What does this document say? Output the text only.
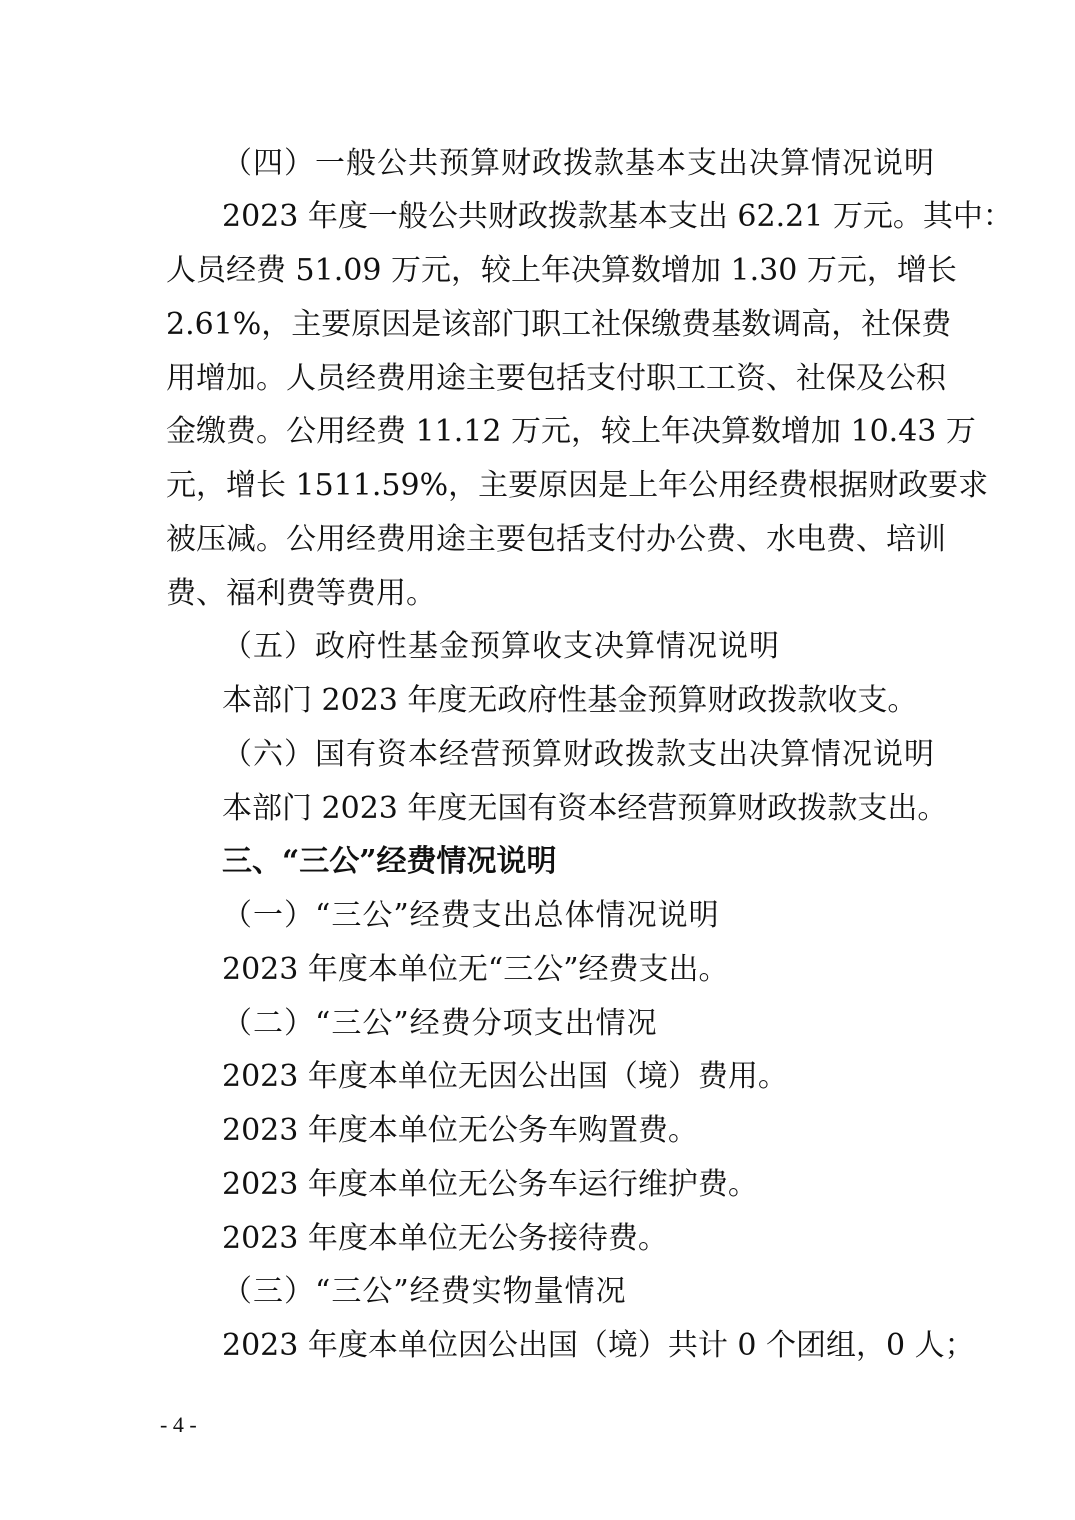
（四）一般公共预算财政拨款基本支出决算情况说明
2023 年度一般公共财政拨款基本支出 62.21 万元。其中：
人员经费 51.09 万元，较上年决算数增加 1.30 万元，增长
2.61%，主要原因是该部门职工社保缴费基数调高，社保费
用增加。人员经费用途主要包括支付职工工资、社保及公积
金缴费。公用经费 11.12 万元，较上年决算数增加 10.43 万
元，增长 1511.59%，主要原因是上年公用经费根据财政要求
被压减。公用经费用途主要包括支付办公费、水电费、培训
费、福利费等费用。
（五）政府性基金预算收支决算情况说明
本部门 2023 年度无政府性基金预算财政拨款收支。
（六）国有资本经营预算财政拨款支出决算情况说明
本部门 2023 年度无国有资本经营预算财政拨款支出。
三、“三公”经费情况说明
（一）“三公”经费支出总体情况说明
2023 年度本单位无“三公”经费支出。
（二）“三公”经费分项支出情况
2023 年度本单位无因公出国（境）费用。
2023 年度本单位无公务车购置费。
2023 年度本单位无公务车运行维护费。
2023 年度本单位无公务接待费。
（三）“三公”经费实物量情况
2023 年度本单位因公出国（境）共计 0 个团组，0 人；
- 4 -
